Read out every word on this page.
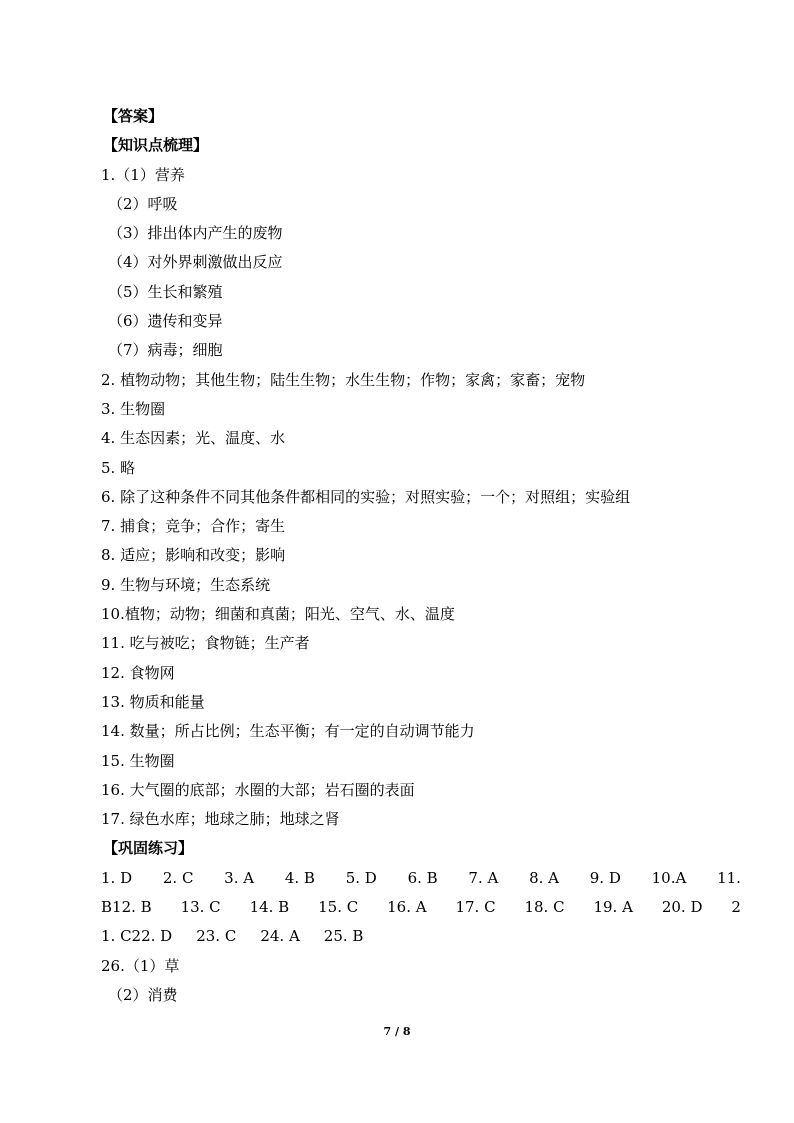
【答案】
【知识点梳理】
1.（1）营养
（2）呼吸
（3）排出体内产生的废物
（4）对外界刺激做出反应
（5）生长和繁殖
（6）遗传和变异
（7）病毒；细胞
2. 植物动物；其他生物；陆生生物；水生生物；作物；家禽；家畜；宠物
3. 生物圈
4. 生态因素；光、温度、水
5. 略
6. 除了这种条件不同其他条件都相同的实验；对照实验；一个；对照组；实验组
7. 捕食；竞争；合作；寄生
8. 适应；影响和改变；影响
9. 生物与环境；生态系统
10.植物；动物；细菌和真菌；阳光、空气、水、温度
11. 吃与被吃；食物链；生产者
12. 食物网
13. 物质和能量
14. 数量；所占比例；生态平衡；有一定的自动调节能力
15. 生物圈
16. 大气圈的底部；水圈的大部；岩石圈的表面
17. 绿色水库；地球之肺；地球之肾
【巩固练习】
1. D 2. C 3. A 4. B 5. D 6. B 7. A 8. A 9. D 10.A 11.
B12. B 13. C 14. B 15. C 16. A 17. C 18. C 19. A 20. D 2
1. C22. D 23. C 24. A 25. B
26.（1）草
（2）消费
7 / 8
